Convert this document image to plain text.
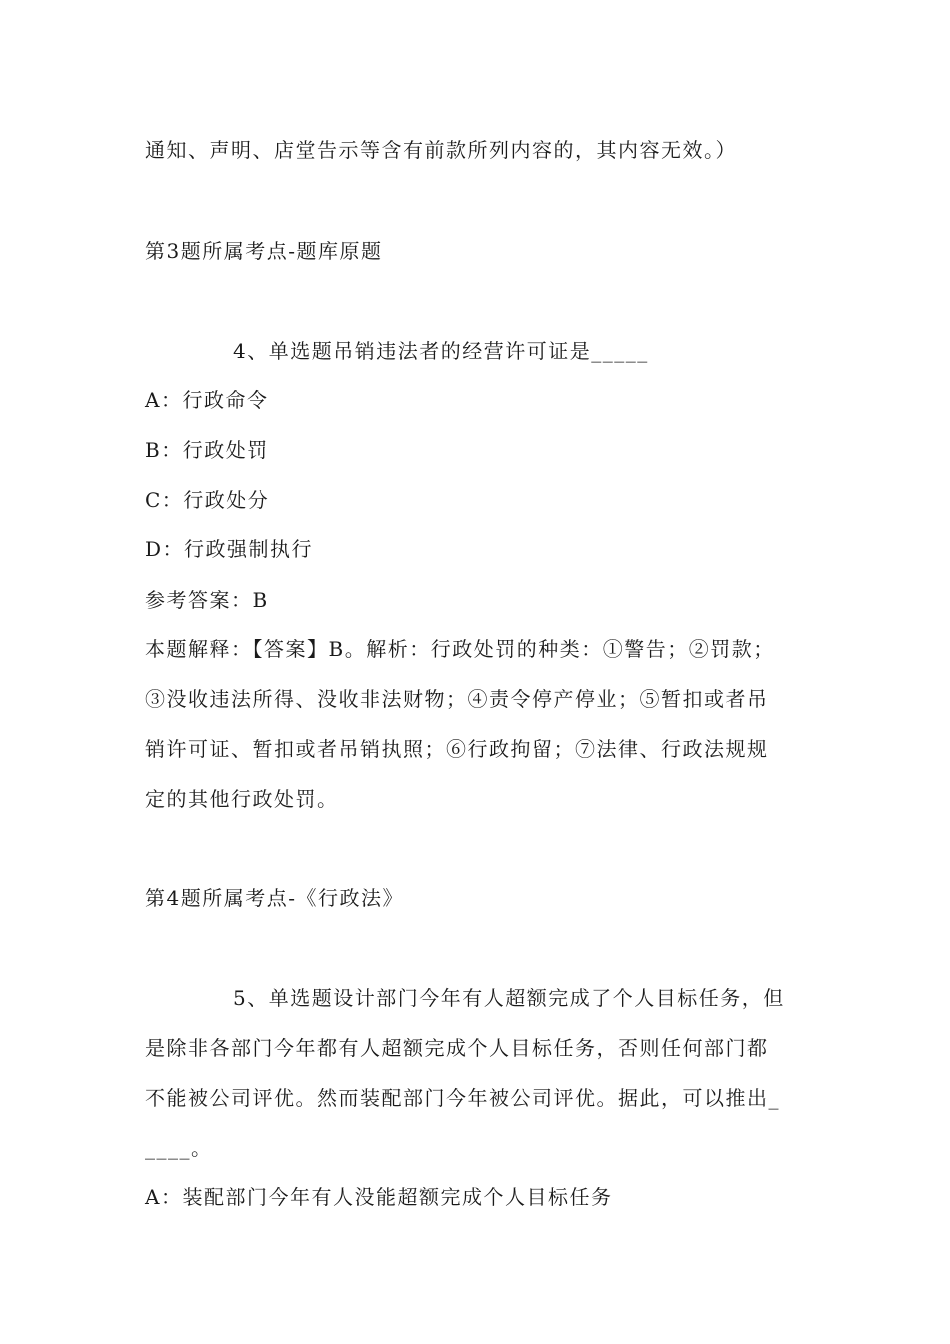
通知、声明、店堂告示等含有前款所列内容的，其内容无效。）
第3题所属考点-题库原题
4、单选题吊销违法者的经营许可证是_____
A：行政命令
B：行政处罚
C：行政处分
D：行政强制执行
参考答案：B
本题解释：【答案】B。解析：行政处罚的种类：①警告；②罚款；
③没收违法所得、没收非法财物；④责令停产停业；⑤暂扣或者吊
销许可证、暂扣或者吊销执照；⑥行政拘留；⑦法律、行政法规规
定的其他行政处罚。
第4题所属考点-《行政法》
5、单选题设计部门今年有人超额完成了个人目标任务，但
是除非各部门今年都有人超额完成个人目标任务，否则任何部门都
不能被公司评优。然而装配部门今年被公司评优。据此，可以推出_
____。
A：装配部门今年有人没能超额完成个人目标任务
